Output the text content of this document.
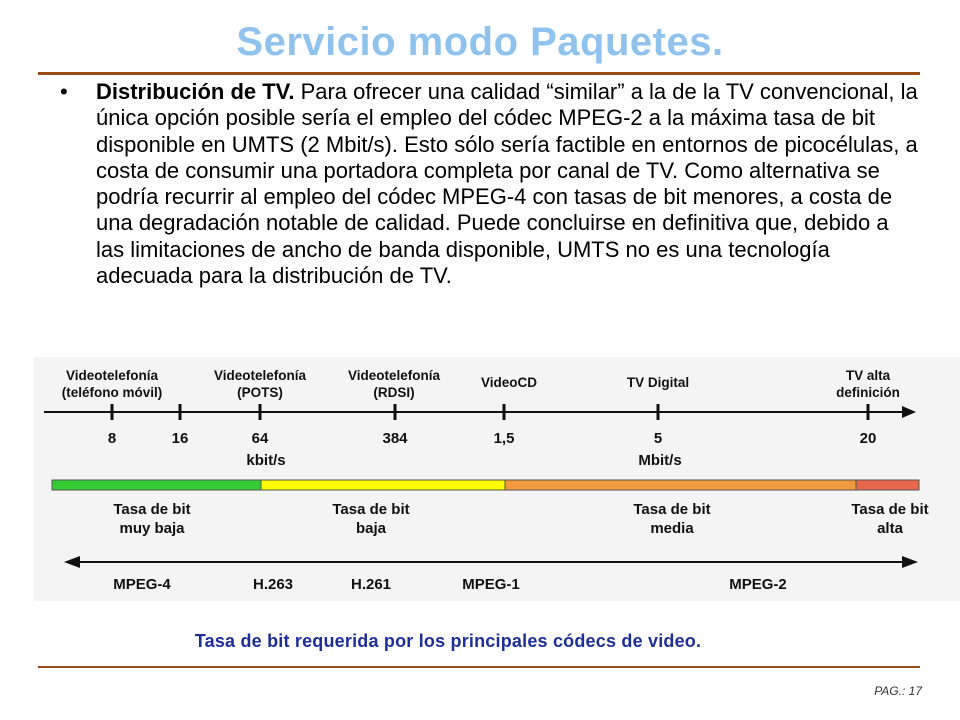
Servicio modo Paquetes.
• Distribución de TV. Para ofrecer una calidad “similar” a la de la TV convencional, la única opción posible sería el empleo del códec MPEG-2 a la máxima tasa de bit disponible en UMTS (2 Mbit/s). Esto sólo sería factible en entornos de picocélulas, a costa de consumir una portadora completa por canal de TV. Como alternativa se podría recurrir al empleo del códec MPEG-4 con tasas de bit menores, a costa de una degradación notable de calidad. Puede concluirse en definitiva que, debido a las limitaciones de ancho de banda disponible, UMTS no es una tecnología adecuada para la distribución de TV.
Videotelefonía
(teléfono móvil)
Videotelefonía
(POTS)
Videotelefonía
(RDSI)
VideoCD	TV Digital	TV alta
definición
8	16	64	384	1,5	5	20
kbit/s	Mbit/s
Tasa de bit
muy baja
Tasa de bit
baja
Tasa de bit
media
Tasa de bit
alta
MPEG-4	H.263	H.261	MPEG-1	MPEG-2
Tasa de bit requerida por los principales códecs de video.
PAG.: 17
